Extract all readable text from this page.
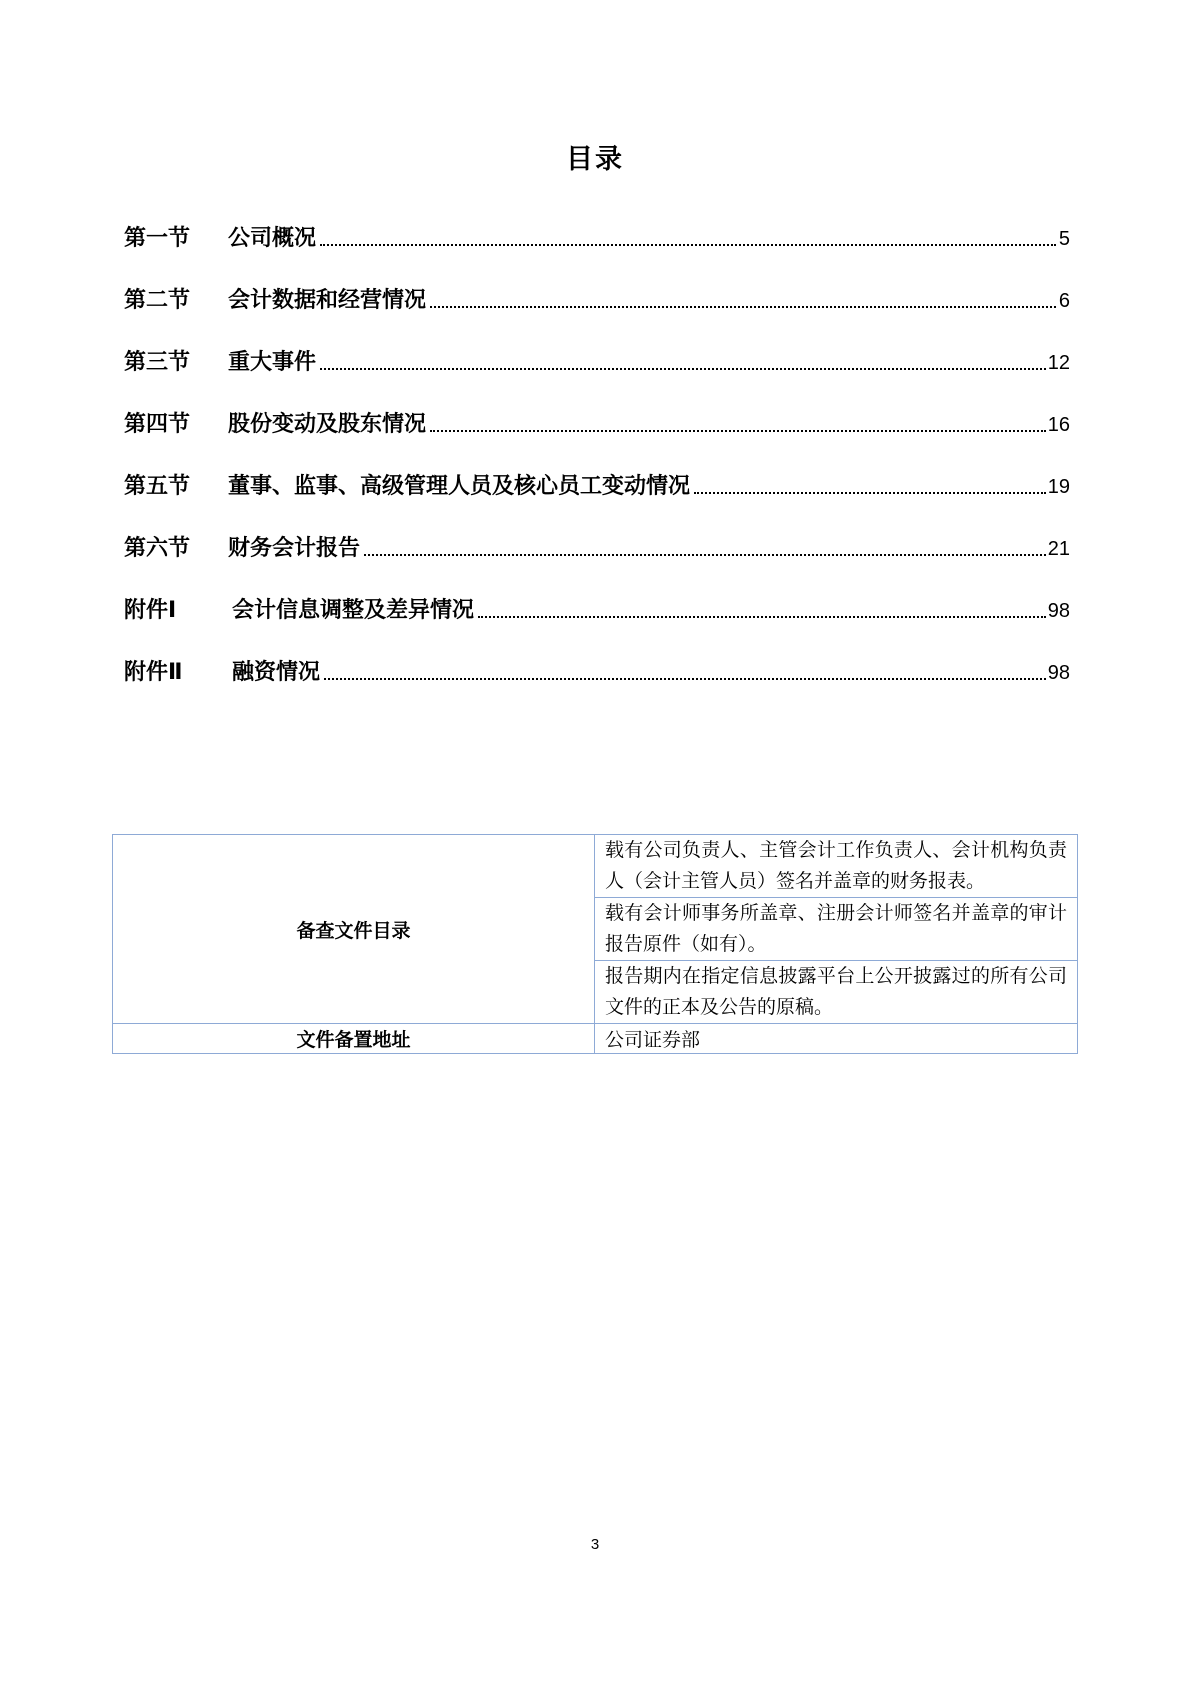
目录
第一节	公司概况	5
第二节	会计数据和经营情况	6
第三节	重大事件	12
第四节	股份变动及股东情况	16
第五节	董事、监事、高级管理人员及核心员工变动情况	19
第六节	财务会计报告	21
附件Ⅰ	会计信息调整及差异情况	98
附件Ⅱ	融资情况	98
备查文件目录	载有公司负责人、主管会计工作负责人、会计机构负责人（会计主管人员）签名并盖章的财务报表。
	载有会计师事务所盖章、注册会计师签名并盖章的审计报告原件（如有）。
	报告期内在指定信息披露平台上公开披露过的所有公司文件的正本及公告的原稿。
文件备置地址	公司证券部
3
